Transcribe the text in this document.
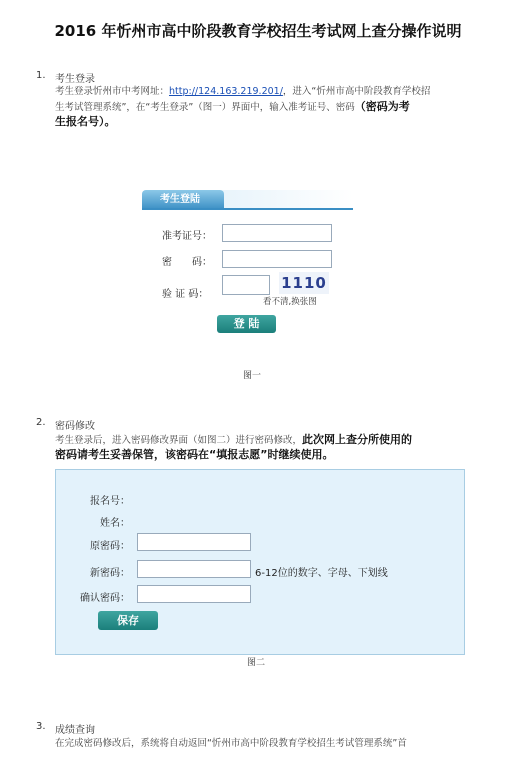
2016 年忻州市高中阶段教育学校招生考试网上查分操作说明
1. 考生登录
考生登录忻州市中考网址：http://124.163.219.201/，进入“忻州市高中阶段教育学校招
生考试管理系统”，在“考生登录”（图一）界面中，输入准考证号、密码（密码为考
生报名号）。
考生登陆
准考证号：
密　　码：
验 证 码：
1110
看不清,换张图
登 陆
图一
2. 密码修改
考生登录后，进入密码修改界面（如图二）进行密码修改，此次网上查分所使用的
密码请考生妥善保管，该密码在“填报志愿”时继续使用。
报名号：
姓名：
原密码：
新密码：	6-12位的数字、字母、下划线
确认密码：
保存
图二
3. 成绩查询
在完成密码修改后，系统将自动返回“忻州市高中阶段教育学校招生考试管理系统”首
